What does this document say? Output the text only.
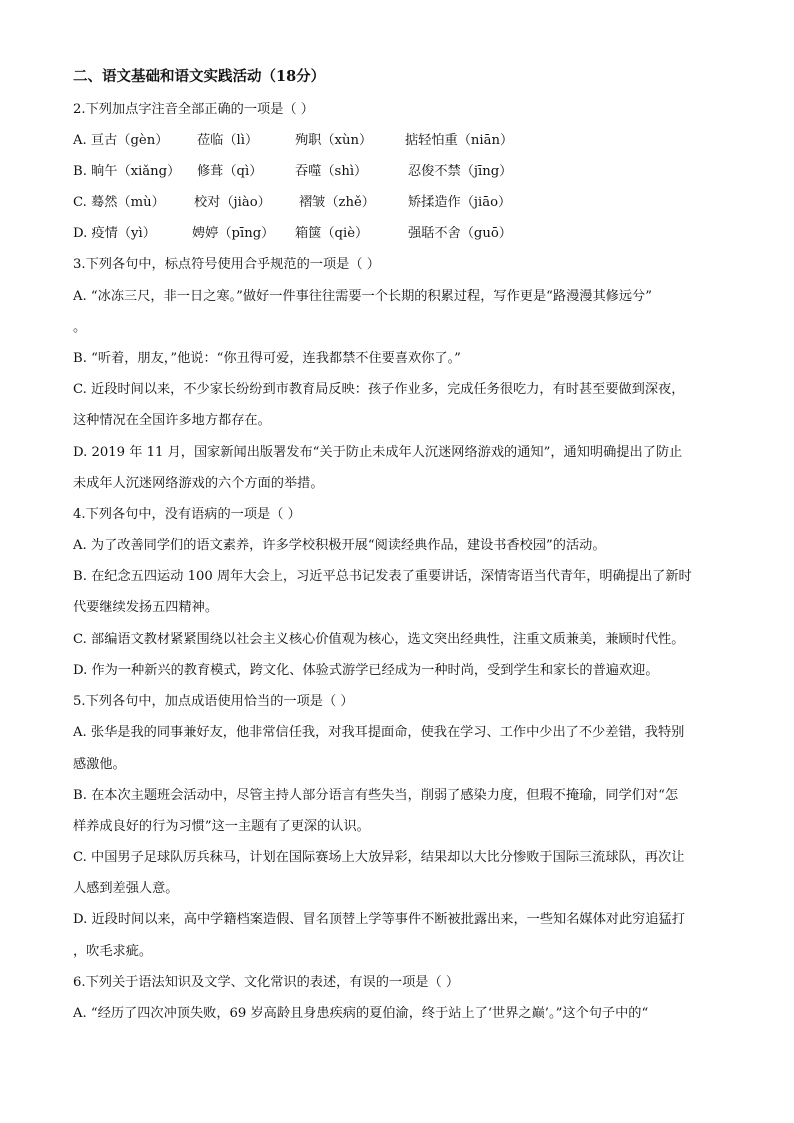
二、语文基础和语文实践活动（18分）
2.下列加点字注音全部正确的一项是（ ）
A. 亘古（gèn） 莅临（lì）	殉职（xùn） 掂轻怕重（niān）
B. 晌午（xiǎng） 修葺（qì） 吞噬（shì）	忍俊不禁（jīng）
C. 蓦然（mù） 校对（jiào） 褶皱（zhě）	矫揉造作（jiāo）
D. 疫情（yì）	娉婷（pīng） 箱箧（qiè）	强聒不舍（guō）
3.下列各句中，标点符号使用合乎规范的一项是（ ）
A. “冰冻三尺，非一日之寒。”做好一件事往往需要一个长期的积累过程，写作更是“路漫漫其修远兮”
。
B. “听着，朋友，”他说：“你丑得可爱，连我都禁不住要喜欢你了。”
C. 近段时间以来，不少家长纷纷到市教育局反映：孩子作业多，完成任务很吃力，有时甚至要做到深夜，
这种情况在全国许多地方都存在。
D. 2019 年 11 月，国家新闻出版署发布“关于防止未成年人沉迷网络游戏的通知”，通知明确提出了防止
未成年人沉迷网络游戏的六个方面的举措。
4.下列各句中，没有语病的一项是（ ）
A. 为了改善同学们的语文素养，许多学校积极开展“阅读经典作品，建设书香校园”的活动。
B. 在纪念五四运动 100 周年大会上，习近平总书记发表了重要讲话，深情寄语当代青年，明确提出了新时
代要继续发扬五四精神。
C. 部编语文教材紧紧围绕以社会主义核心价值观为核心，选文突出经典性，注重文质兼美，兼顾时代性。
D. 作为一种新兴的教育模式，跨文化、体验式游学已经成为一种时尚，受到学生和家长的普遍欢迎。
5.下列各句中，加点成语使用恰当的一项是（ ）
A. 张华是我的同事兼好友，他非常信任我，对我耳提面命，使我在学习、工作中少出了不少差错，我特别
感激他。
B. 在本次主题班会活动中，尽管主持人部分语言有些失当，削弱了感染力度，但瑕不掩瑜，同学们对“怎
样养成良好的行为习惯”这一主题有了更深的认识。
C. 中国男子足球队厉兵秣马，计划在国际赛场上大放异彩，结果却以大比分惨败于国际三流球队，再次让
人感到差强人意。
D. 近段时间以来，高中学籍档案造假、冒名顶替上学等事件不断被批露出来，一些知名媒体对此穷追猛打
，吹毛求疵。
6.下列关于语法知识及文学、文化常识的表述，有误的一项是（ ）
A. “经历了四次冲顶失败，69 岁高龄且身患疾病的夏伯渝，终于站上了‘世界之巅’。”这个句子中的“
